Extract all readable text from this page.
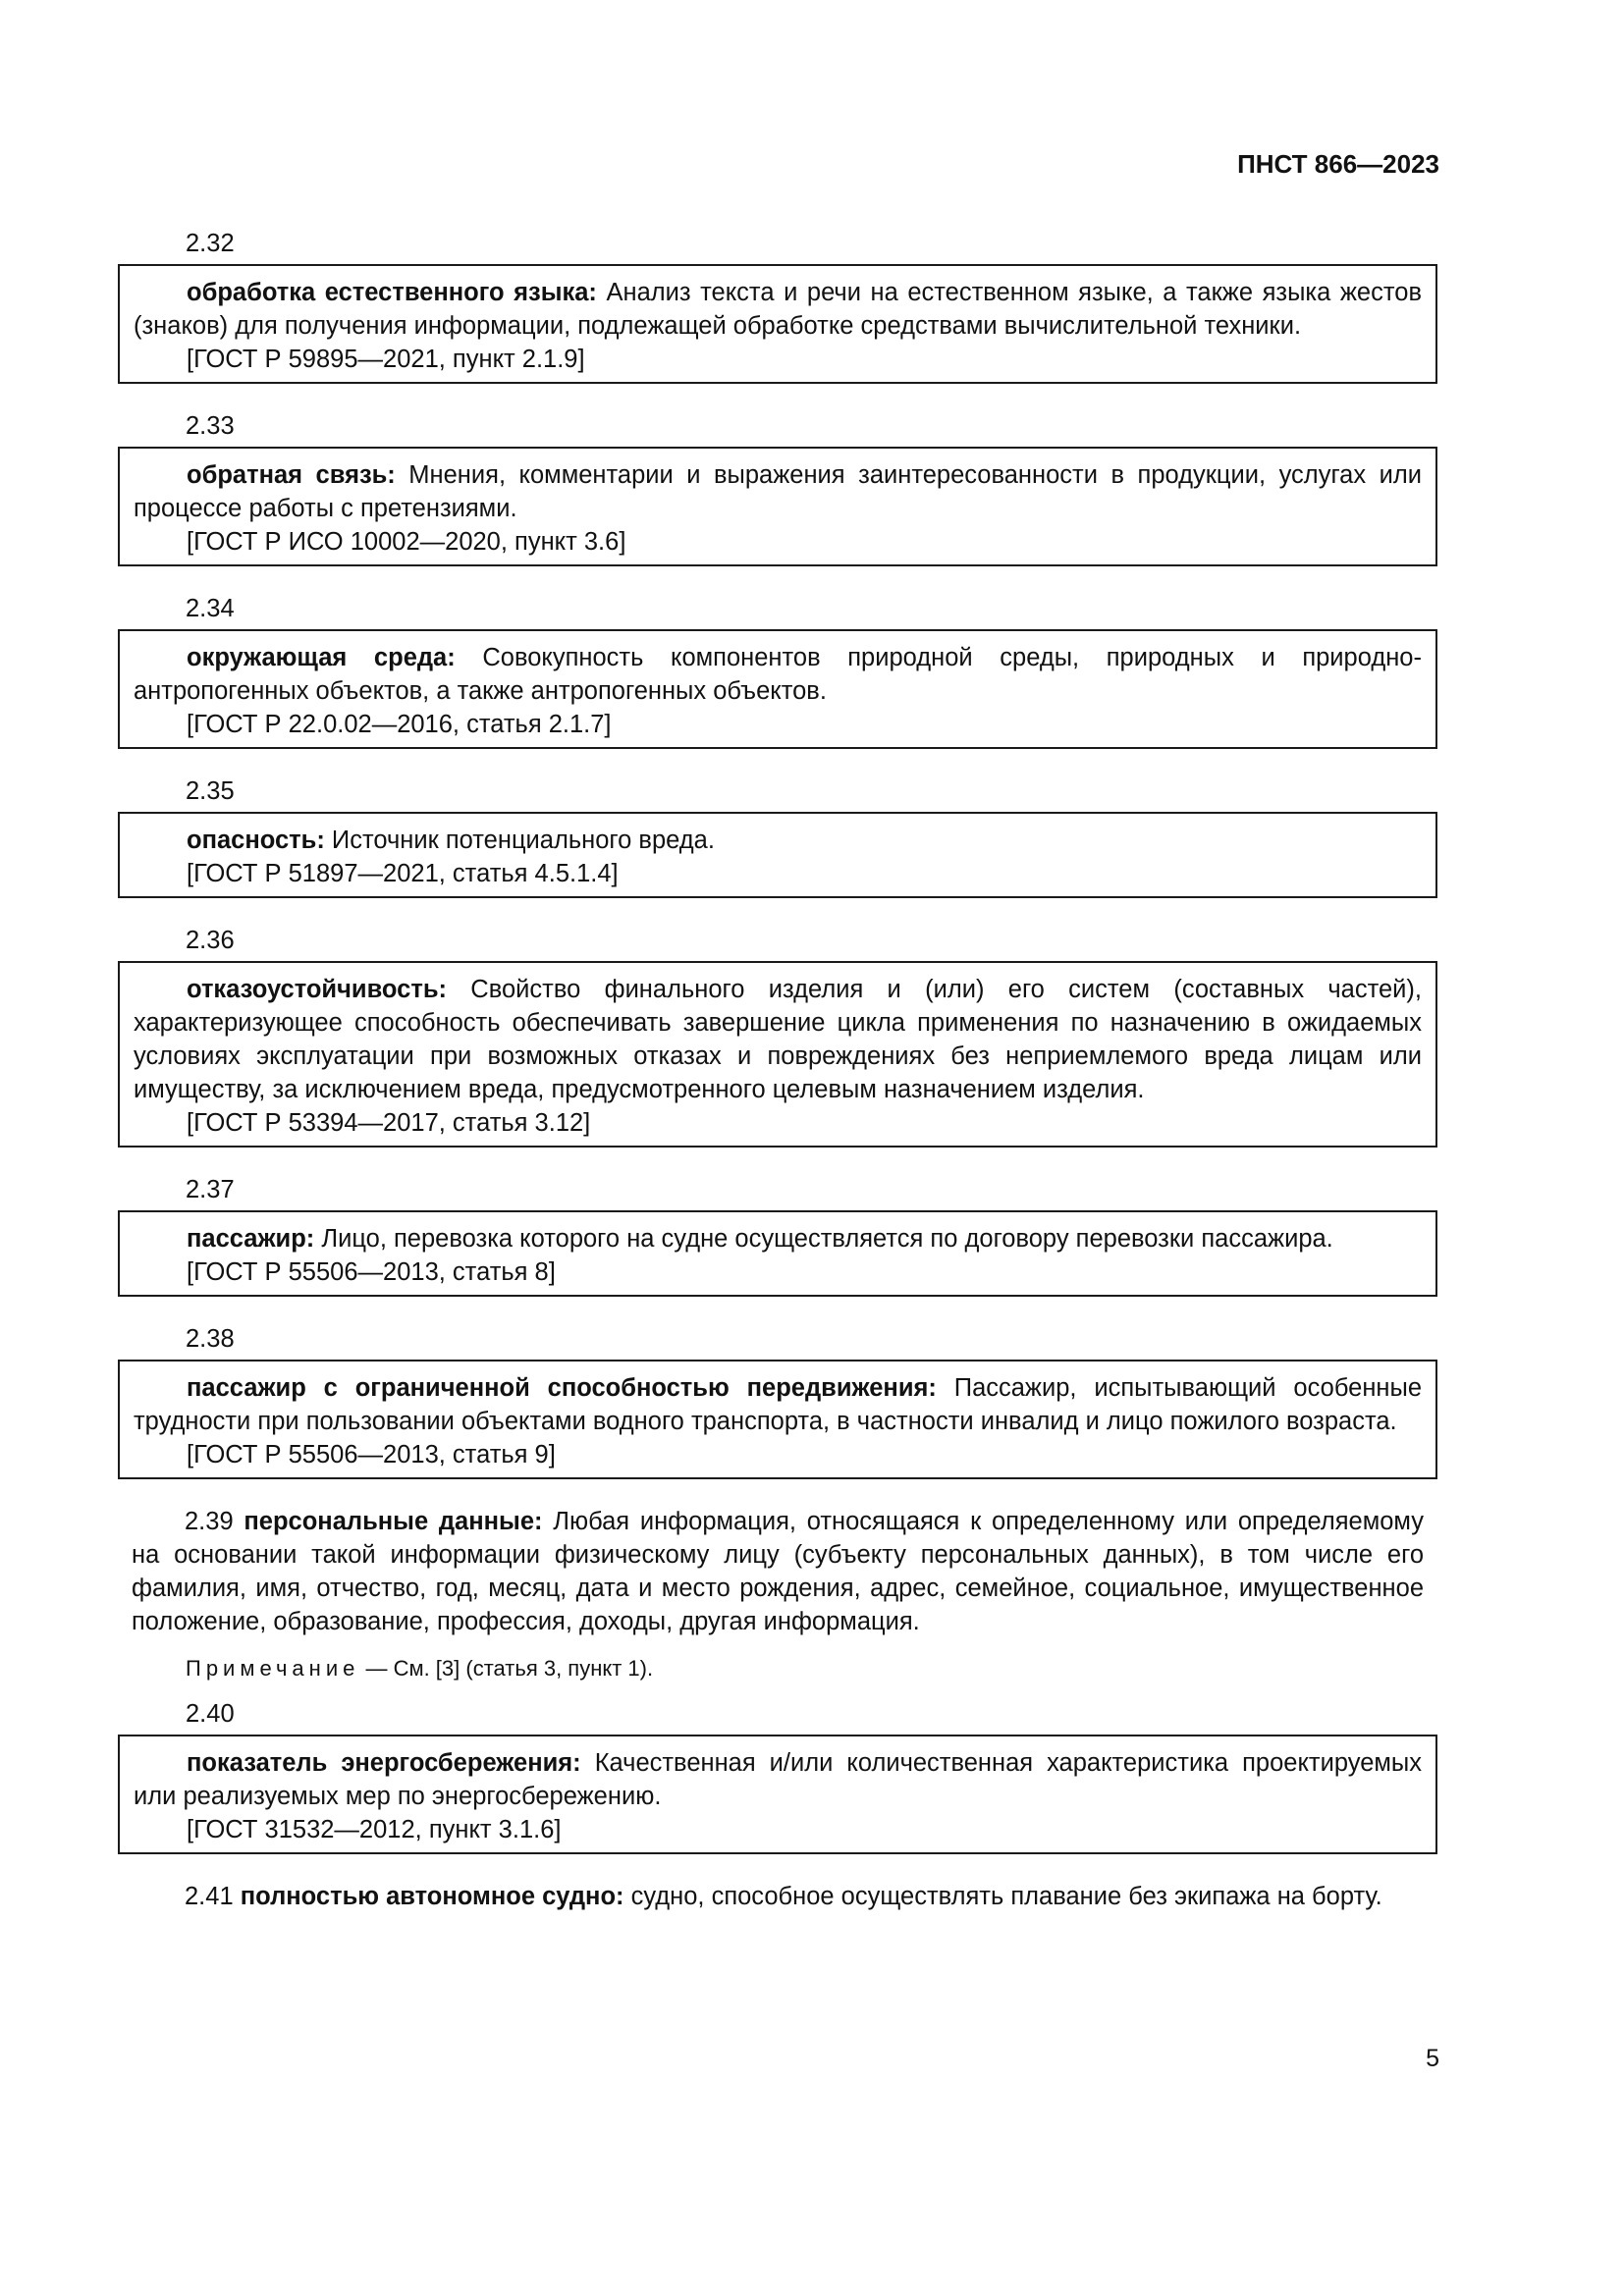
ПНСТ 866—2023

2.32

обработка естественного языка: Анализ текста и речи на естественном языке, а также языка жестов (знаков) для получения информации, подлежащей обработке средствами вычислительной техники.

[ГОСТ Р 59895—2021, пункт 2.1.9]

2.33

обратная связь: Мнения, комментарии и выражения заинтересованности в продукции, услугах или процессе работы с претензиями.

[ГОСТ Р ИСО 10002—2020, пункт 3.6]

2.34

окружающая среда: Совокупность компонентов природной среды, природных и природно-антропогенных объектов, а также антропогенных объектов.

[ГОСТ Р 22.0.02—2016, статья 2.1.7]

2.35

опасность: Источник потенциального вреда.

[ГОСТ Р 51897—2021, статья 4.5.1.4]

2.36

отказоустойчивость: Свойство финального изделия и (или) его систем (составных частей), характеризующее способность обеспечивать завершение цикла применения по назначению в ожидаемых условиях эксплуатации при возможных отказах и повреждениях без неприемлемого вреда лицам или имуществу, за исключением вреда, предусмотренного целевым назначением изделия.

[ГОСТ Р 53394—2017, статья 3.12]

2.37

пассажир: Лицо, перевозка которого на судне осуществляется по договору перевозки пассажира.

[ГОСТ Р 55506—2013, статья 8]

2.38

пассажир с ограниченной способностью передвижения: Пассажир, испытывающий особенные трудности при пользовании объектами водного транспорта, в частности инвалид и лицо пожилого возраста.

[ГОСТ Р 55506—2013, статья 9]

2.39 персональные данные: Любая информация, относящаяся к определенному или определяемому на основании такой информации физическому лицу (субъекту персональных данных), в том числе его фамилия, имя, отчество, год, месяц, дата и место рождения, адрес, семейное, социальное, имущественное положение, образование, профессия, доходы, другая информация.

Примечание — См. [3] (статья 3, пункт 1).

2.40

показатель энергосбережения: Качественная и/или количественная характеристика проектируемых или реализуемых мер по энергосбережению.

[ГОСТ 31532—2012, пункт 3.1.6]

2.41 полностью автономное судно: судно, способное осуществлять плавание без экипажа на борту.

5
